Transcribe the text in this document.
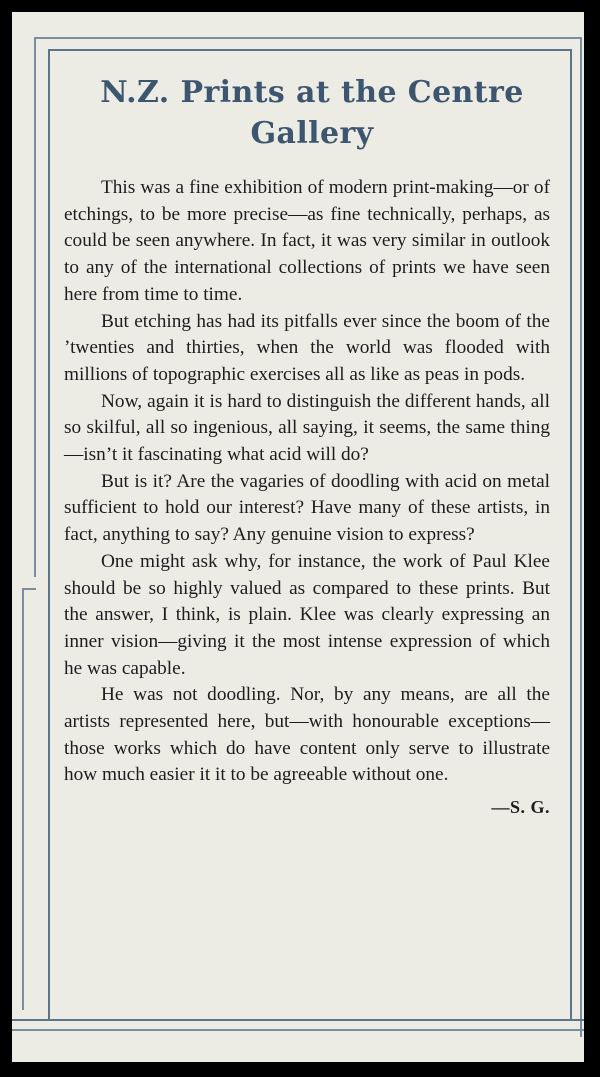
N.Z. Prints at the Centre Gallery

This was a fine exhibition of modern print-making—or of etchings, to be more precise—as fine technically, perhaps, as could be seen anywhere. In fact, it was very similar in outlook to any of the international collections of prints we have seen here from time to time.

But etching has had its pitfalls ever since the boom of the ’twenties and thirties, when the world was flooded with millions of topographic exercises all as like as peas in pods.

Now, again it is hard to distinguish the different hands, all so skilful, all so ingenious, all saying, it seems, the same thing—isn’t it fascinating what acid will do?

But is it? Are the vagaries of doodling with acid on metal sufficient to hold our interest? Have many of these artists, in fact, anything to say? Any genuine vision to express?

One might ask why, for instance, the work of Paul Klee should be so highly valued as compared to these prints. But the answer, I think, is plain. Klee was clearly expressing an inner vision—giving it the most intense expression of which he was capable.

He was not doodling. Nor, by any means, are all the artists represented here, but—with honourable exceptions—those works which do have content only serve to illustrate how much easier it it to be agreeable without one.

—S. G.
